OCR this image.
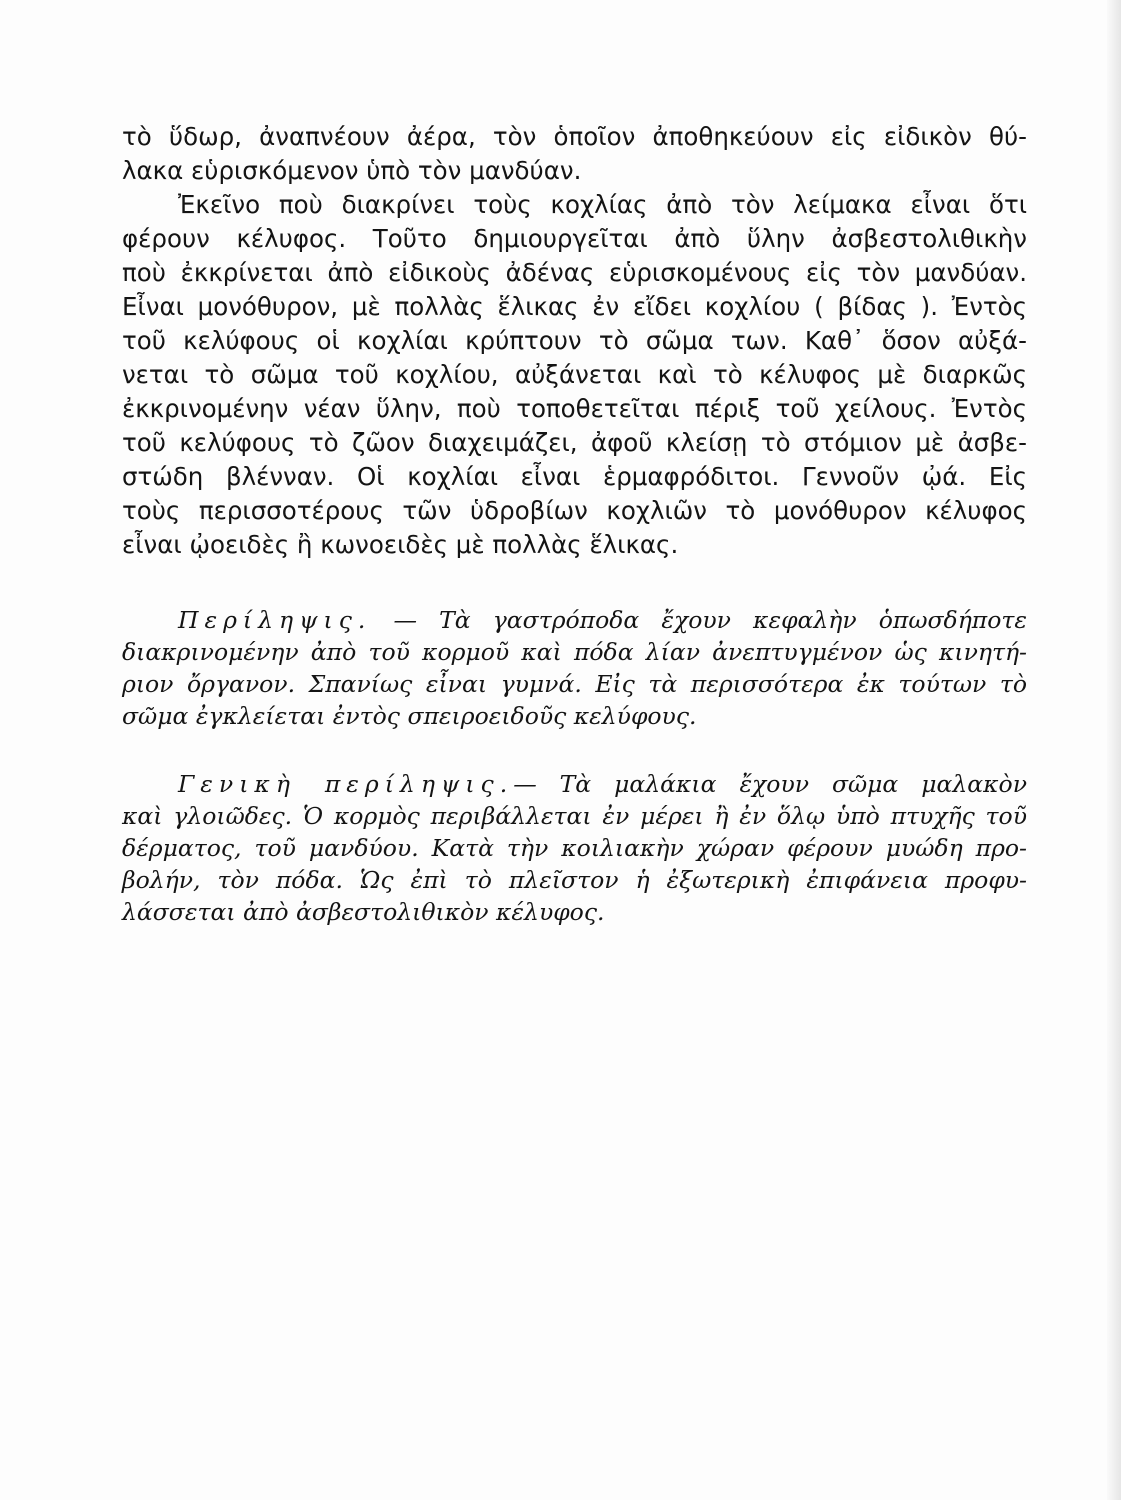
τὸ ὕδωρ, ἀναπνέουν ἀέρα, τὸν ὁποῖον ἀποθηκεύουν εἰς εἰδικὸν θύ-
λακα εὑρισκόμενον ὑπὸ τὸν μανδύαν.
Ἐκεῖνο ποὺ διακρίνει τοὺς κοχλίας ἀπὸ τὸν λείμακα εἶναι ὅτι
φέρουν κέλυφος. Τοῦτο δημιουργεῖται ἀπὸ ὕλην ἀσβεστολιθικὴν
ποὺ ἐκκρίνεται ἀπὸ εἰδικοὺς ἀδένας εὑρισκομένους εἰς τὸν μανδύαν.
Εἶναι μονόθυρον, μὲ πολλὰς ἕλικας ἐν εἴδει κοχλίου ( βίδας ). Ἐντὸς
τοῦ κελύφους οἱ κοχλίαι κρύπτουν τὸ σῶμα των. Καθ᾽ ὅσον αὐξά-
νεται τὸ σῶμα τοῦ κοχλίου, αὐξάνεται καὶ τὸ κέλυφος μὲ διαρκῶς
ἐκκρινομένην νέαν ὕλην, ποὺ τοποθετεῖται πέριξ τοῦ χείλους. Ἐντὸς
τοῦ κελύφους τὸ ζῶον διαχειμάζει, ἀφοῦ κλείσῃ τὸ στόμιον μὲ ἀσβε-
στώδη βλένναν. Οἱ κοχλίαι εἶναι ἑρμαφρόδιτοι. Γεννοῦν ᾠά. Εἰς
τοὺς περισσοτέρους τῶν ὑδροβίων κοχλιῶν τὸ μονόθυρον κέλυφος
εἶναι ᾠοειδὲς ἢ κωνοειδὲς μὲ πολλὰς ἕλικας.
Περίληψις. — Τὰ γαστρόποδα ἔχουν κεφαλὴν ὁπωσδήποτε
διακρινομένην ἀπὸ τοῦ κορμοῦ καὶ πόδα λίαν ἀνεπτυγμένον ὡς κινητή-
ριον ὄργανον. Σπανίως εἶναι γυμνά. Εἰς τὰ περισσότερα ἐκ τούτων τὸ
σῶμα ἐγκλείεται ἐντὸς σπειροειδοῦς κελύφους.
Γενικὴ περίληψις.— Τὰ μαλάκια ἔχουν σῶμα μαλακὸν
καὶ γλοιῶδες. Ὁ κορμὸς περιβάλλεται ἐν μέρει ἢ ἐν ὅλῳ ὑπὸ πτυχῆς τοῦ
δέρματος, τοῦ μανδύου. Κατὰ τὴν κοιλιακὴν χώραν φέρουν μυώδη προ-
βολήν, τὸν πόδα. Ὡς ἐπὶ τὸ πλεῖστον ἡ ἐξωτερικὴ ἐπιφάνεια προφυ-
λάσσεται ἀπὸ ἀσβεστολιθικὸν κέλυφος.
